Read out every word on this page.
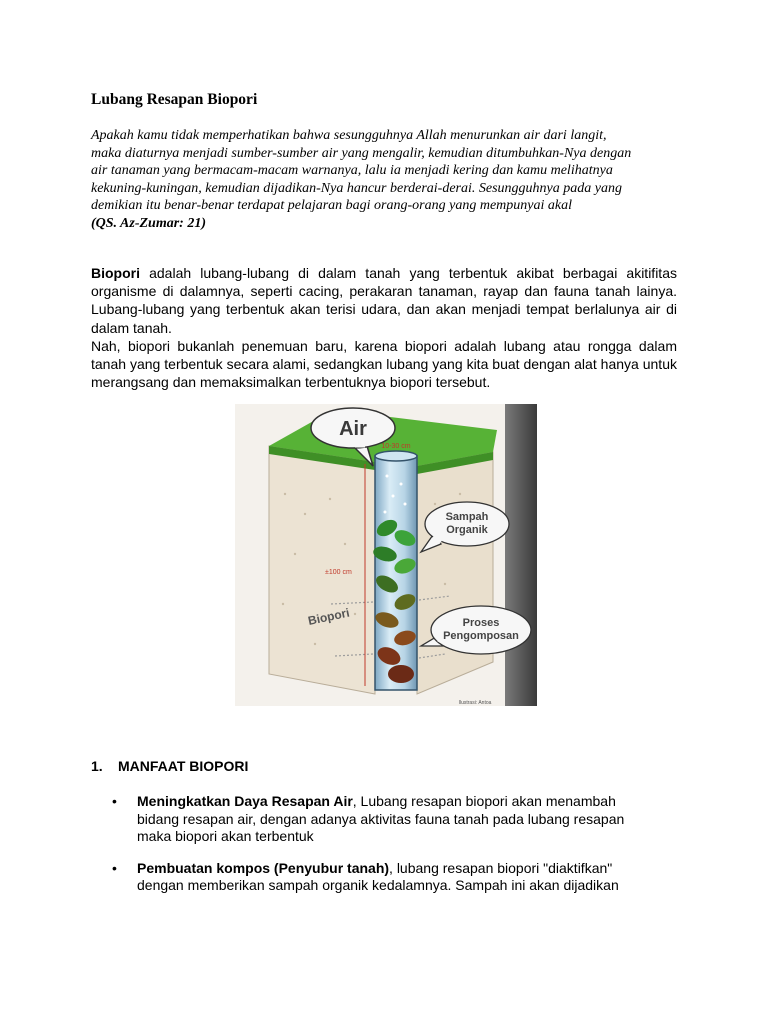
Lubang Resapan Biopori
Apakah kamu tidak memperhatikan bahwa sesungguhnya Allah menurunkan air dari langit,
maka diaturnya menjadi sumber-sumber air yang mengalir, kemudian ditumbuhkan-Nya dengan
air tanaman yang bermacam-macam warnanya, lalu ia menjadi kering dan kamu melihatnya
kekuning-kuningan, kemudian dijadikan-Nya hancur berderai-derai. Sesungguhnya pada yang
demikian itu benar-benar terdapat pelajaran bagi orang-orang yang mempunyai akal
(QS. Az-Zumar: 21)

Biopori adalah lubang-lubang di dalam tanah yang terbentuk akibat berbagai akitifitas organisme di dalamnya, seperti cacing, perakaran tanaman, rayap dan fauna tanah lainya. Lubang-lubang yang terbentuk akan terisi udara, dan akan menjadi tempat berlalunya air di dalam tanah.

Nah, biopori bukanlah penemuan baru, karena biopori adalah lubang atau rongga dalam tanah yang terbentuk secara alami, sedangkan lubang yang kita buat dengan alat hanya untuk merangsang dan memaksimalkan terbentuknya biopori tersebut.

Air
10-30 cm
±100 cm
Biopori
Sampah
Organik
Proses
Pengomposan
Ilustrasi: Antoa
1. MANFAAT BIOPORI
• Meningkatkan Daya Resapan Air, Lubang resapan biopori akan menambah
bidang resapan air, dengan adanya aktivitas fauna tanah pada lubang resapan
maka biopori akan terbentuk
• Pembuatan kompos (Penyubur tanah), lubang resapan biopori "diaktifkan"
dengan memberikan sampah organik kedalamnya. Sampah ini akan dijadikan
